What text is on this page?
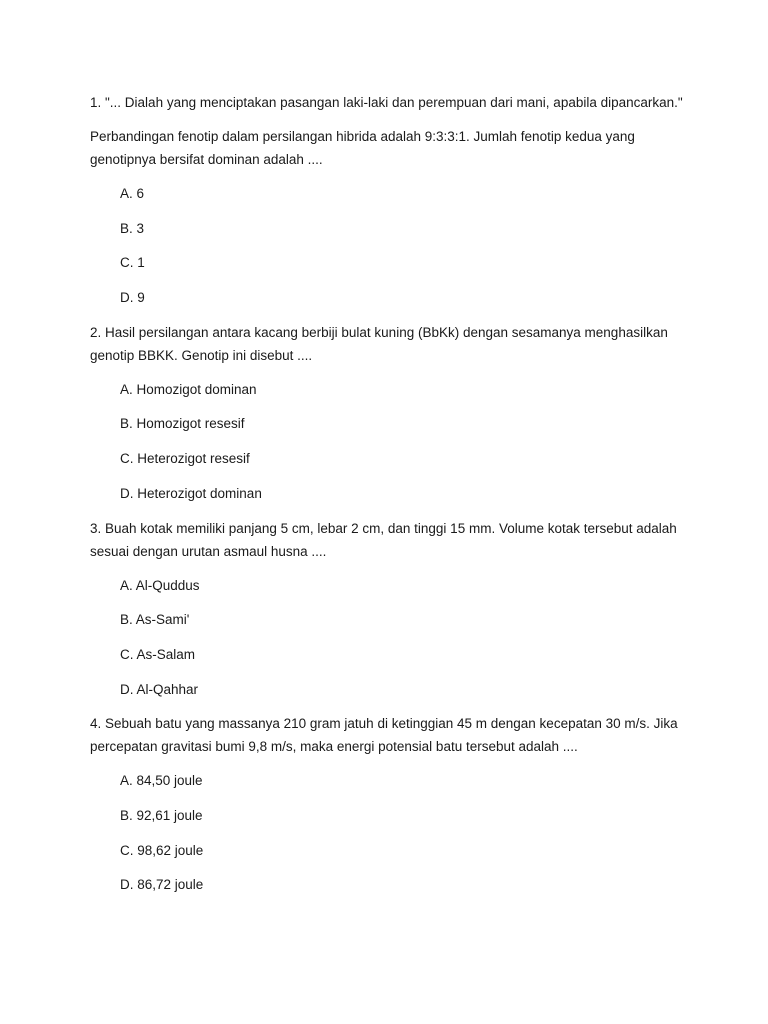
1. "... Dialah yang menciptakan pasangan laki-laki dan perempuan dari mani, apabila dipancarkan."

Perbandingan fenotip dalam persilangan hibrida adalah 9:3:3:1. Jumlah fenotip kedua yang genotipnya bersifat dominan adalah ....

A. 6
B. 3
C. 1
D. 9

2. Hasil persilangan antara kacang berbiji bulat kuning (BbKk) dengan sesamanya menghasilkan genotip BBKK. Genotip ini disebut ....

A. Homozigot dominan
B. Homozigot resesif
C. Heterozigot resesif
D. Heterozigot dominan

3. Buah kotak memiliki panjang 5 cm, lebar 2 cm, dan tinggi 15 mm. Volume kotak tersebut adalah sesuai dengan urutan asmaul husna ....

A. Al-Quddus
B. As-Sami'
C. As-Salam
D. Al-Qahhar

4. Sebuah batu yang massanya 210 gram jatuh di ketinggian 45 m dengan kecepatan 30 m/s. Jika percepatan gravitasi bumi 9,8 m/s, maka energi potensial batu tersebut adalah ....

A. 84,50 joule
B. 92,61 joule
C. 98,62 joule
D. 86,72 joule
